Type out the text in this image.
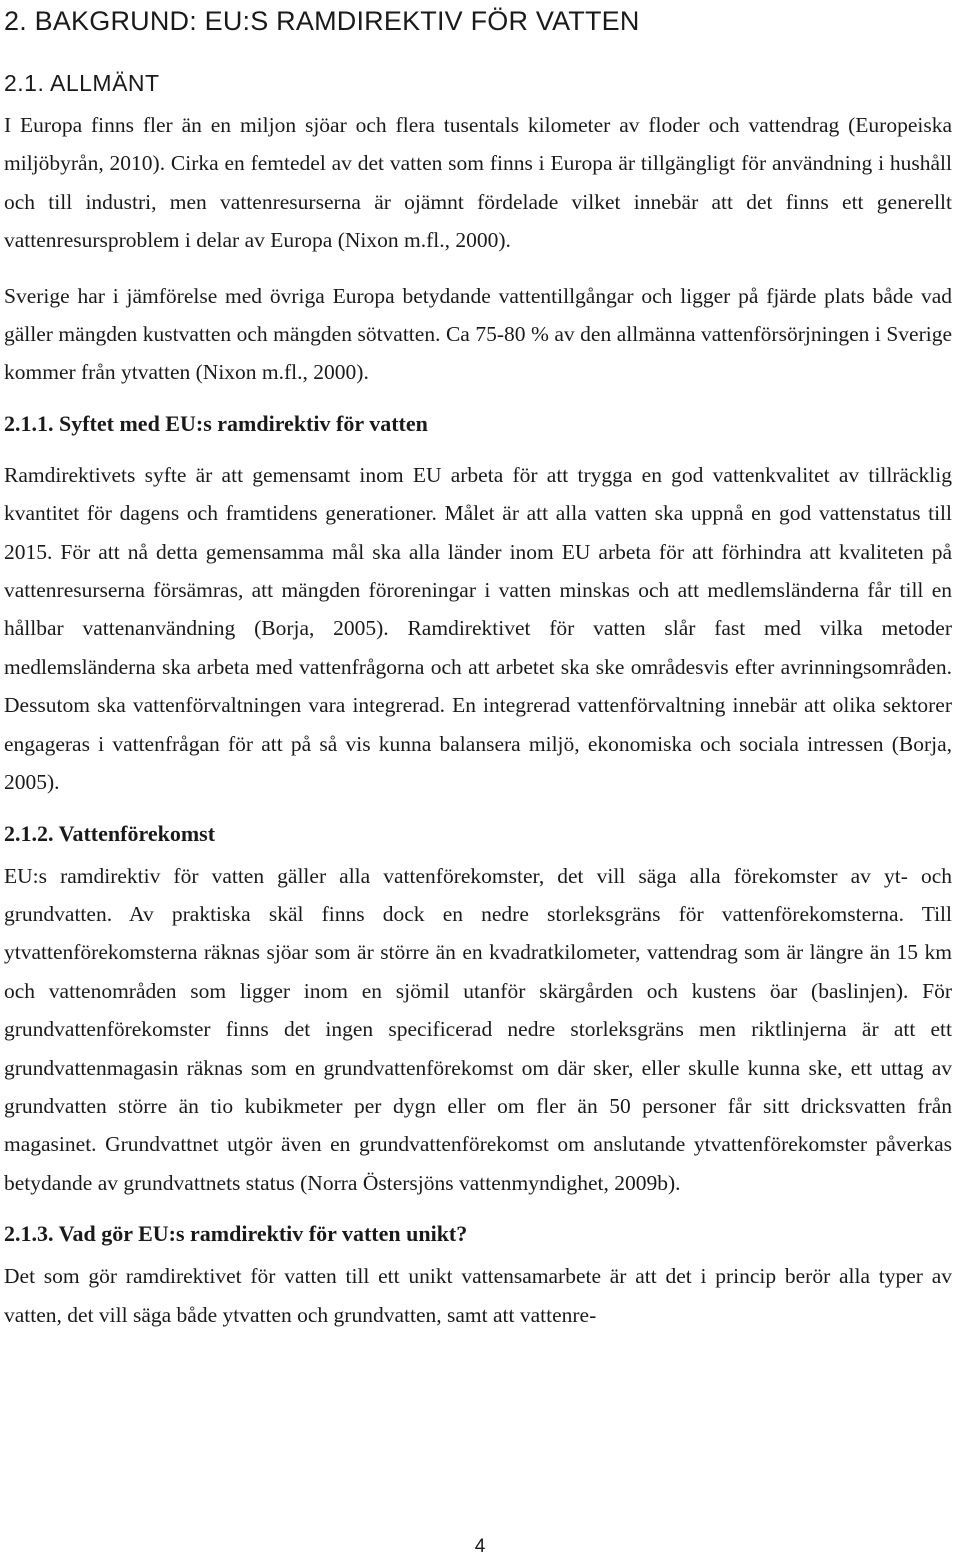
2. BAKGRUND: EU:S RAMDIREKTIV FÖR VATTEN
2.1. ALLMÄNT

I Europa finns fler än en miljon sjöar och flera tusentals kilometer av floder och vattendrag (Europeiska miljöbyrån, 2010). Cirka en femtedel av det vatten som finns i Europa är tillgängligt för användning i hushåll och till industri, men vattenresurserna är ojämnt fördelade vilket innebär att det finns ett generellt vattenresursproblem i delar av Europa (Nixon m.fl., 2000).

Sverige har i jämförelse med övriga Europa betydande vattentillgångar och ligger på fjärde plats både vad gäller mängden kustvatten och mängden sötvatten. Ca 75-80 % av den allmänna vattenförsörjningen i Sverige kommer från ytvatten (Nixon m.fl., 2000).

2.1.1. Syftet med EU:s ramdirektiv för vatten

Ramdirektivets syfte är att gemensamt inom EU arbeta för att trygga en god vattenkvalitet av tillräcklig kvantitet för dagens och framtidens generationer. Målet är att alla vatten ska uppnå en god vattenstatus till 2015. För att nå detta gemensamma mål ska alla länder inom EU arbeta för att förhindra att kvaliteten på vattenresurserna försämras, att mängden föroreningar i vatten minskas och att medlemsländerna får till en hållbar vattenanvändning (Borja, 2005). Ramdirektivet för vatten slår fast med vilka metoder medlemsländerna ska arbeta med vattenfrågorna och att arbetet ska ske områdesvis efter avrinningsområden. Dessutom ska vattenförvaltningen vara integrerad. En integrerad vattenförvaltning innebär att olika sektorer engageras i vattenfrågan för att på så vis kunna balansera miljö, ekonomiska och sociala intressen (Borja, 2005).

2.1.2. Vattenförekomst

EU:s ramdirektiv för vatten gäller alla vattenförekomster, det vill säga alla förekomster av yt- och grundvatten. Av praktiska skäl finns dock en nedre storleksgräns för vattenförekomsterna. Till ytvattenförekomsterna räknas sjöar som är större än en kvadratkilometer, vattendrag som är längre än 15 km och vattenområden som ligger inom en sjömil utanför skärgården och kustens öar (baslinjen). För grundvattenförekomster finns det ingen specificerad nedre storleksgräns men riktlinjerna är att ett grundvattenmagasin räknas som en grundvattenförekomst om där sker, eller skulle kunna ske, ett uttag av grundvatten större än tio kubikmeter per dygn eller om fler än 50 personer får sitt dricksvatten från magasinet. Grundvattnet utgör även en grundvattenförekomst om anslutande ytvattenförekomster påverkas betydande av grundvattnets status (Norra Östersjöns vattenmyndighet, 2009b).

2.1.3. Vad gör EU:s ramdirektiv för vatten unikt?

Det som gör ramdirektivet för vatten till ett unikt vattensamarbete är att det i princip berör alla typer av vatten, det vill säga både ytvatten och grundvatten, samt att vattenre-

4
